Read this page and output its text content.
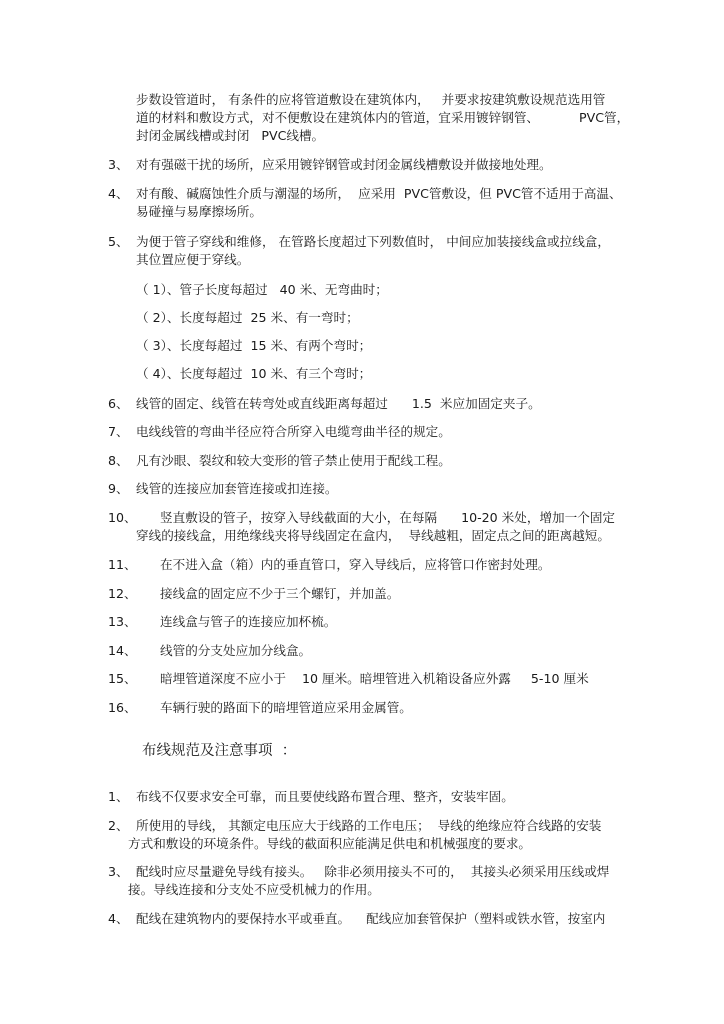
步数设管道时， 有条件的应将管道敷设在建筑体内，   并要求按建筑敷设规范选用管
道的材料和敷设方式，对不便敷设在建筑体内的管道，宜采用镀锌钢管、          PVC管，
封闭金属线槽或封闭   PVC线槽。
3、 对有强磁干扰的场所，应采用镀锌钢管或封闭金属线槽敷设并做接地处理。
4、 对有酸、碱腐蚀性介质与潮湿的场所，  应采用  PVC管敷设，但 PVC管不适用于高温、
易碰撞与易摩擦场所。
5、 为便于管子穿线和维修， 在管路长度超过下列数值时， 中间应加装接线盒或拉线盒，
其位置应便于穿线。
（ 1）、管子长度每超过   40 米、无弯曲时；
（ 2）、长度每超过  25 米、有一弯时；
（ 3）、长度每超过  15 米、有两个弯时；
（ 4）、长度每超过  10 米、有三个弯时；
6、 线管的固定、线管在转弯处或直线距离每超过      1.5  米应加固定夹子。
7、 电线线管的弯曲半径应符合所穿入电缆弯曲半径的规定。
8、 凡有沙眼、裂纹和较大变形的管子禁止使用于配线工程。
9、 线管的连接应加套管连接或扣连接。
10、 竖直敷设的管子，按穿入导线截面的大小，在每隔      10-20 米处，增加一个固定
穿线的接线盒，用绝缘线夹将导线固定在盒内，  导线越粗，固定点之间的距离越短。
11、 在不进入盒（箱）内的垂直管口，穿入导线后，应将管口作密封处理。
12、 接线盒的固定应不少于三个螺钉，并加盖。
13、 连线盒与管子的连接应加杯梳。
14、 线管的分支处应加分线盒。
15、 暗埋管道深度不应小于    10 厘米。暗埋管进入机箱设备应外露     5-10 厘米
16、 车辆行驶的路面下的暗埋管道应采用金属管。
布线规范及注意事项  ：
1、 布线不仅要求安全可靠，而且要使线路布置合理、整齐，安装牢固。
2、 所使用的导线， 其额定电压应大于线路的工作电压；  导线的绝缘应符合线路的安装
方式和敷设的环境条件。导线的截面积应能满足供电和机械强度的要求。
3、 配线时应尽量避免导线有接头。   除非必须用接头不可的，  其接头必须采用压线或焊
接。导线连接和分支处不应受机械力的作用。
4、 配线在建筑物内的要保持水平或垂直。    配线应加套管保护（塑料或铁水管，按室内
